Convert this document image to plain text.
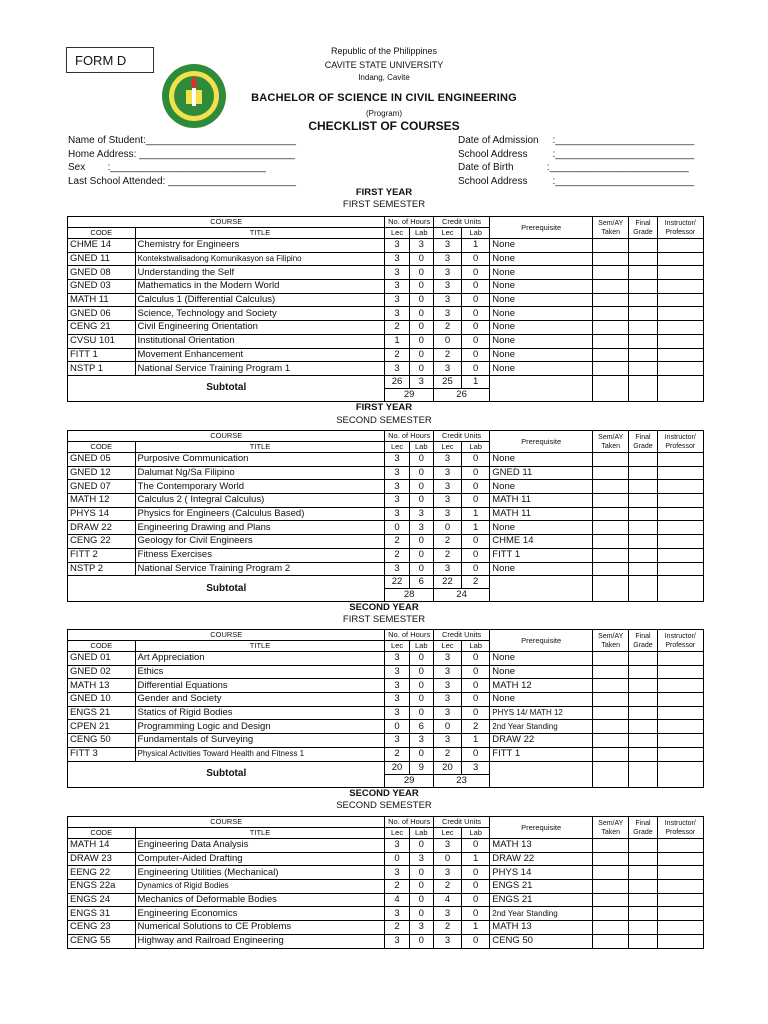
FORM D
Republic of the Philippines
CAVITE STATE UNIVERSITY
Indang, Cavite
BACHELOR OF SCIENCE IN CIVIL ENGINEERING
(Program)
CHECKLIST OF COURSES
Name of Student:___________________________
Home Address: ____________________________
Sex        :____________________________
Last School Attended: _______________________
Date of Admission     :_________________________
School Address         :_________________________
Date of Birth            :_________________________
School Address         :_________________________
FIRST YEAR
FIRST SEMESTER
COURSE		No. of Hours		Credit Units		Prerequisite	Sem/AY Taken	Final Grade	Instructor/ Professor
CODE	TITLE	Lec	Lab	Lec	Lab				
CHME 14	Chemistry for Engineers	3	3	3	1	None			
GNED 11	Kontekstwalisadong Komunikasyon sa Filipino	3	0	3	0	None			
GNED 08	Understanding the Self	3	0	3	0	None			
GNED 03	Mathematics in the Modern World	3	0	3	0	None			
MATH 11	Calculus 1 (Differential Calculus)	3	0	3	0	None			
GNED 06	Science, Technology and Society	3	0	3	0	None			
CENG 21	Civil Engineering Orientation	2	0	2	0	None			
CVSU 101	Institutional Orientation	1	0	0	0	None			
FITT 1	Movement Enhancement	2	0	2	0	None			
NSTP 1	National Service Training Program 1	3	0	3	0	None			
Subtotal		26	3	25	1				
		29		26					
FIRST YEAR
SECOND SEMESTER
COURSE		No. of Hours		Credit Units		Prerequisite	Sem/AY Taken	Final Grade	Instructor/ Professor
CODE	TITLE	Lec	Lab	Lec	Lab				
GNED 05	Purposive Communication	3	0	3	0	None			
GNED 12	Dalumat Ng/Sa Filipino	3	0	3	0	GNED 11			
GNED 07	The Contemporary World	3	0	3	0	None			
MATH 12	Calculus 2 ( Integral Calculus)	3	0	3	0	MATH 11			
PHYS 14	Physics for Engineers (Calculus Based)	3	3	3	1	MATH 11			
DRAW 22	Engineering Drawing and Plans	0	3	0	1	None			
CENG 22	Geology for Civil Engineers	2	0	2	0	CHME 14			
FITT 2	Fitness Exercises	2	0	2	0	FITT 1			
NSTP 2	National Service Training Program 2	3	0	3	0	None			
Subtotal		22	6	22	2				
		28		24					
SECOND YEAR
FIRST SEMESTER
COURSE		No. of Hours		Credit Units		Prerequisite	Sem/AY Taken	Final Grade	Instructor/ Professor
CODE	TITLE	Lec	Lab	Lec	Lab				
GNED 01	Art Appreciation	3	0	3	0	None			
GNED 02	Ethics	3	0	3	0	None			
MATH 13	Differential Equations	3	0	3	0	MATH 12			
GNED 10	Gender and Society	3	0	3	0	None			
ENGS 21	Statics of Rigid Bodies	3	0	3	0	PHYS 14/ MATH 12			
CPEN 21	Programming Logic and Design	0	6	0	2	2nd Year Standing			
CENG 50	Fundamentals of Surveying	3	3	3	1	DRAW 22			
FITT 3	Physical Activities Toward Health and Fitness 1	2	0	2	0	FITT 1			
Subtotal		20	9	20	3				
		29		23					
SECOND YEAR
SECOND SEMESTER
COURSE		No. of Hours		Credit Units		Prerequisite	Sem/AY Taken	Final Grade	Instructor/ Professor
CODE	TITLE	Lec	Lab	Lec	Lab				
MATH 14	Engineering Data Analysis	3	0	3	0	MATH 13			
DRAW 23	Computer-Aided Drafting	0	3	0	1	DRAW 22			
EENG 22	Engineering Utilities (Mechanical)	3	0	3	0	PHYS 14			
ENGS 22a	Dynamics of Rigid Bodies	2	0	2	0	ENGS 21			
ENGS 24	Mechanics of Deformable Bodies	4	0	4	0	ENGS 21			
ENGS 31	Engineering Economics	3	0	3	0	2nd Year Standing			
CENG 23	Numerical Solutions to CE Problems	2	3	2	1	MATH 13			
CENG 55	Highway and Railroad Engineering	3	0	3	0	CENG 50			
